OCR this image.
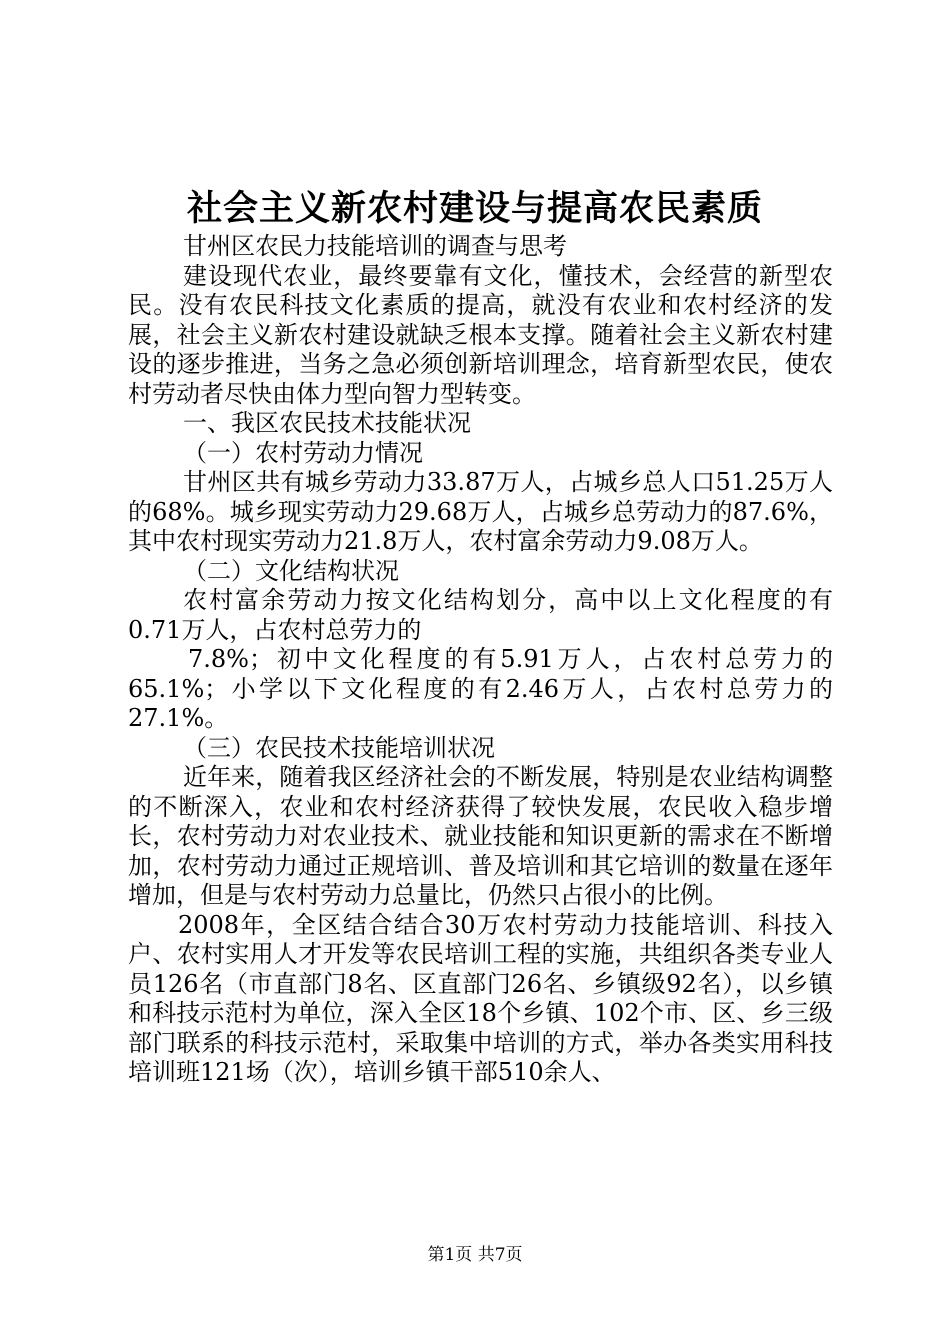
社会主义新农村建设与提高农民素质

甘州区农民力技能培训的调查与思考

建设现代农业，最终要靠有文化，懂技术，会经营的新型农民。没有农民科技文化素质的提高，就没有农业和农村经济的发展，社会主义新农村建设就缺乏根本支撑。随着社会主义新农村建设的逐步推进，当务之急必须创新培训理念，培育新型农民，使农村劳动者尽快由体力型向智力型转变。

一、我区农民技术技能状况

（一）农村劳动力情况

甘州区共有城乡劳动力33.87万人，占城乡总人口51.25万人的68%。城乡现实劳动力29.68万人，占城乡总劳动力的87.6%，其中农村现实劳动力21.8万人，农村富余劳动力9.08万人。

（二）文化结构状况

农村富余劳动力按文化结构划分，高中以上文化程度的有0.71万人，占农村总劳力的

7.8%；初中文化程度的有5.91万人，占农村总劳力的65.1%；小学以下文化程度的有2.46万人，占农村总劳力的27.1%。

（三）农民技术技能培训状况

近年来，随着我区经济社会的不断发展，特别是农业结构调整的不断深入，农业和农村经济获得了较快发展，农民收入稳步增长，农村劳动力对农业技术、就业技能和知识更新的需求在不断增加，农村劳动力通过正规培训、普及培训和其它培训的数量在逐年增加，但是与农村劳动力总量比，仍然只占很小的比例。

2008年，全区结合结合30万农村劳动力技能培训、科技入户、农村实用人才开发等农民培训工程的实施，共组织各类专业人员126名（市直部门8名、区直部门26名、乡镇级92名），以乡镇和科技示范村为单位，深入全区18个乡镇、102个市、区、乡三级部门联系的科技示范村，采取集中培训的方式，举办各类实用科技培训班121场（次），培训乡镇干部510余人、

第1页 共7页
